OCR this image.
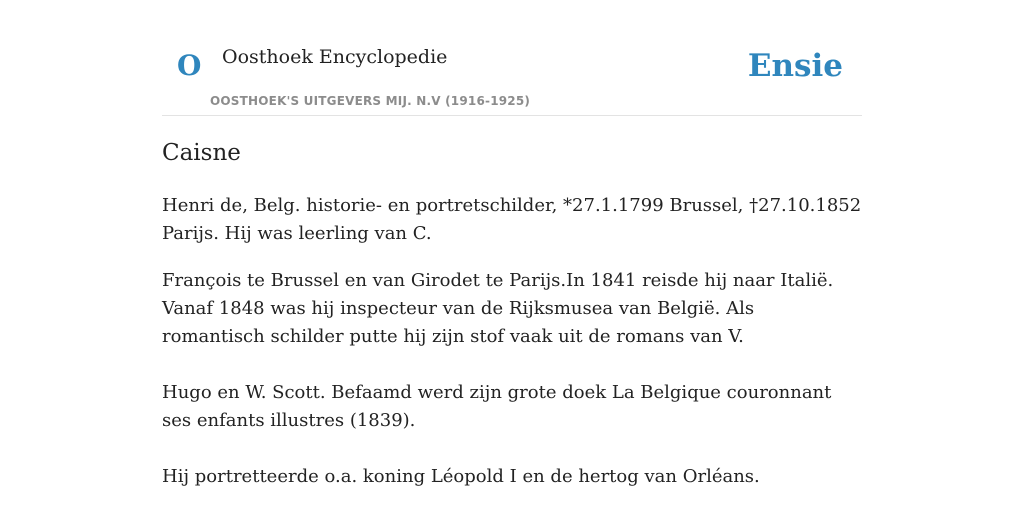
O Oosthoek Encyclopedie
OOSTHOEK'S UITGEVERS MIJ. N.V (1916-1925)
Ensie
Caisne

Henri de, Belg. historie- en portretschilder, *27.1.1799 Brussel, †27.10.1852 Parijs. Hij was leerling van C.

François te Brussel en van Girodet te Parijs.In 1841 reisde hij naar Italië. Vanaf 1848 was hij inspecteur van de Rijksmusea van België. Als romantisch schilder putte hij zijn stof vaak uit de romans van V.

Hugo en W. Scott. Befaamd werd zijn grote doek La Belgique couronnant ses enfants illustres (1839).

Hij portretteerde o.a. koning Léopold I en de hertog van Orléans.
